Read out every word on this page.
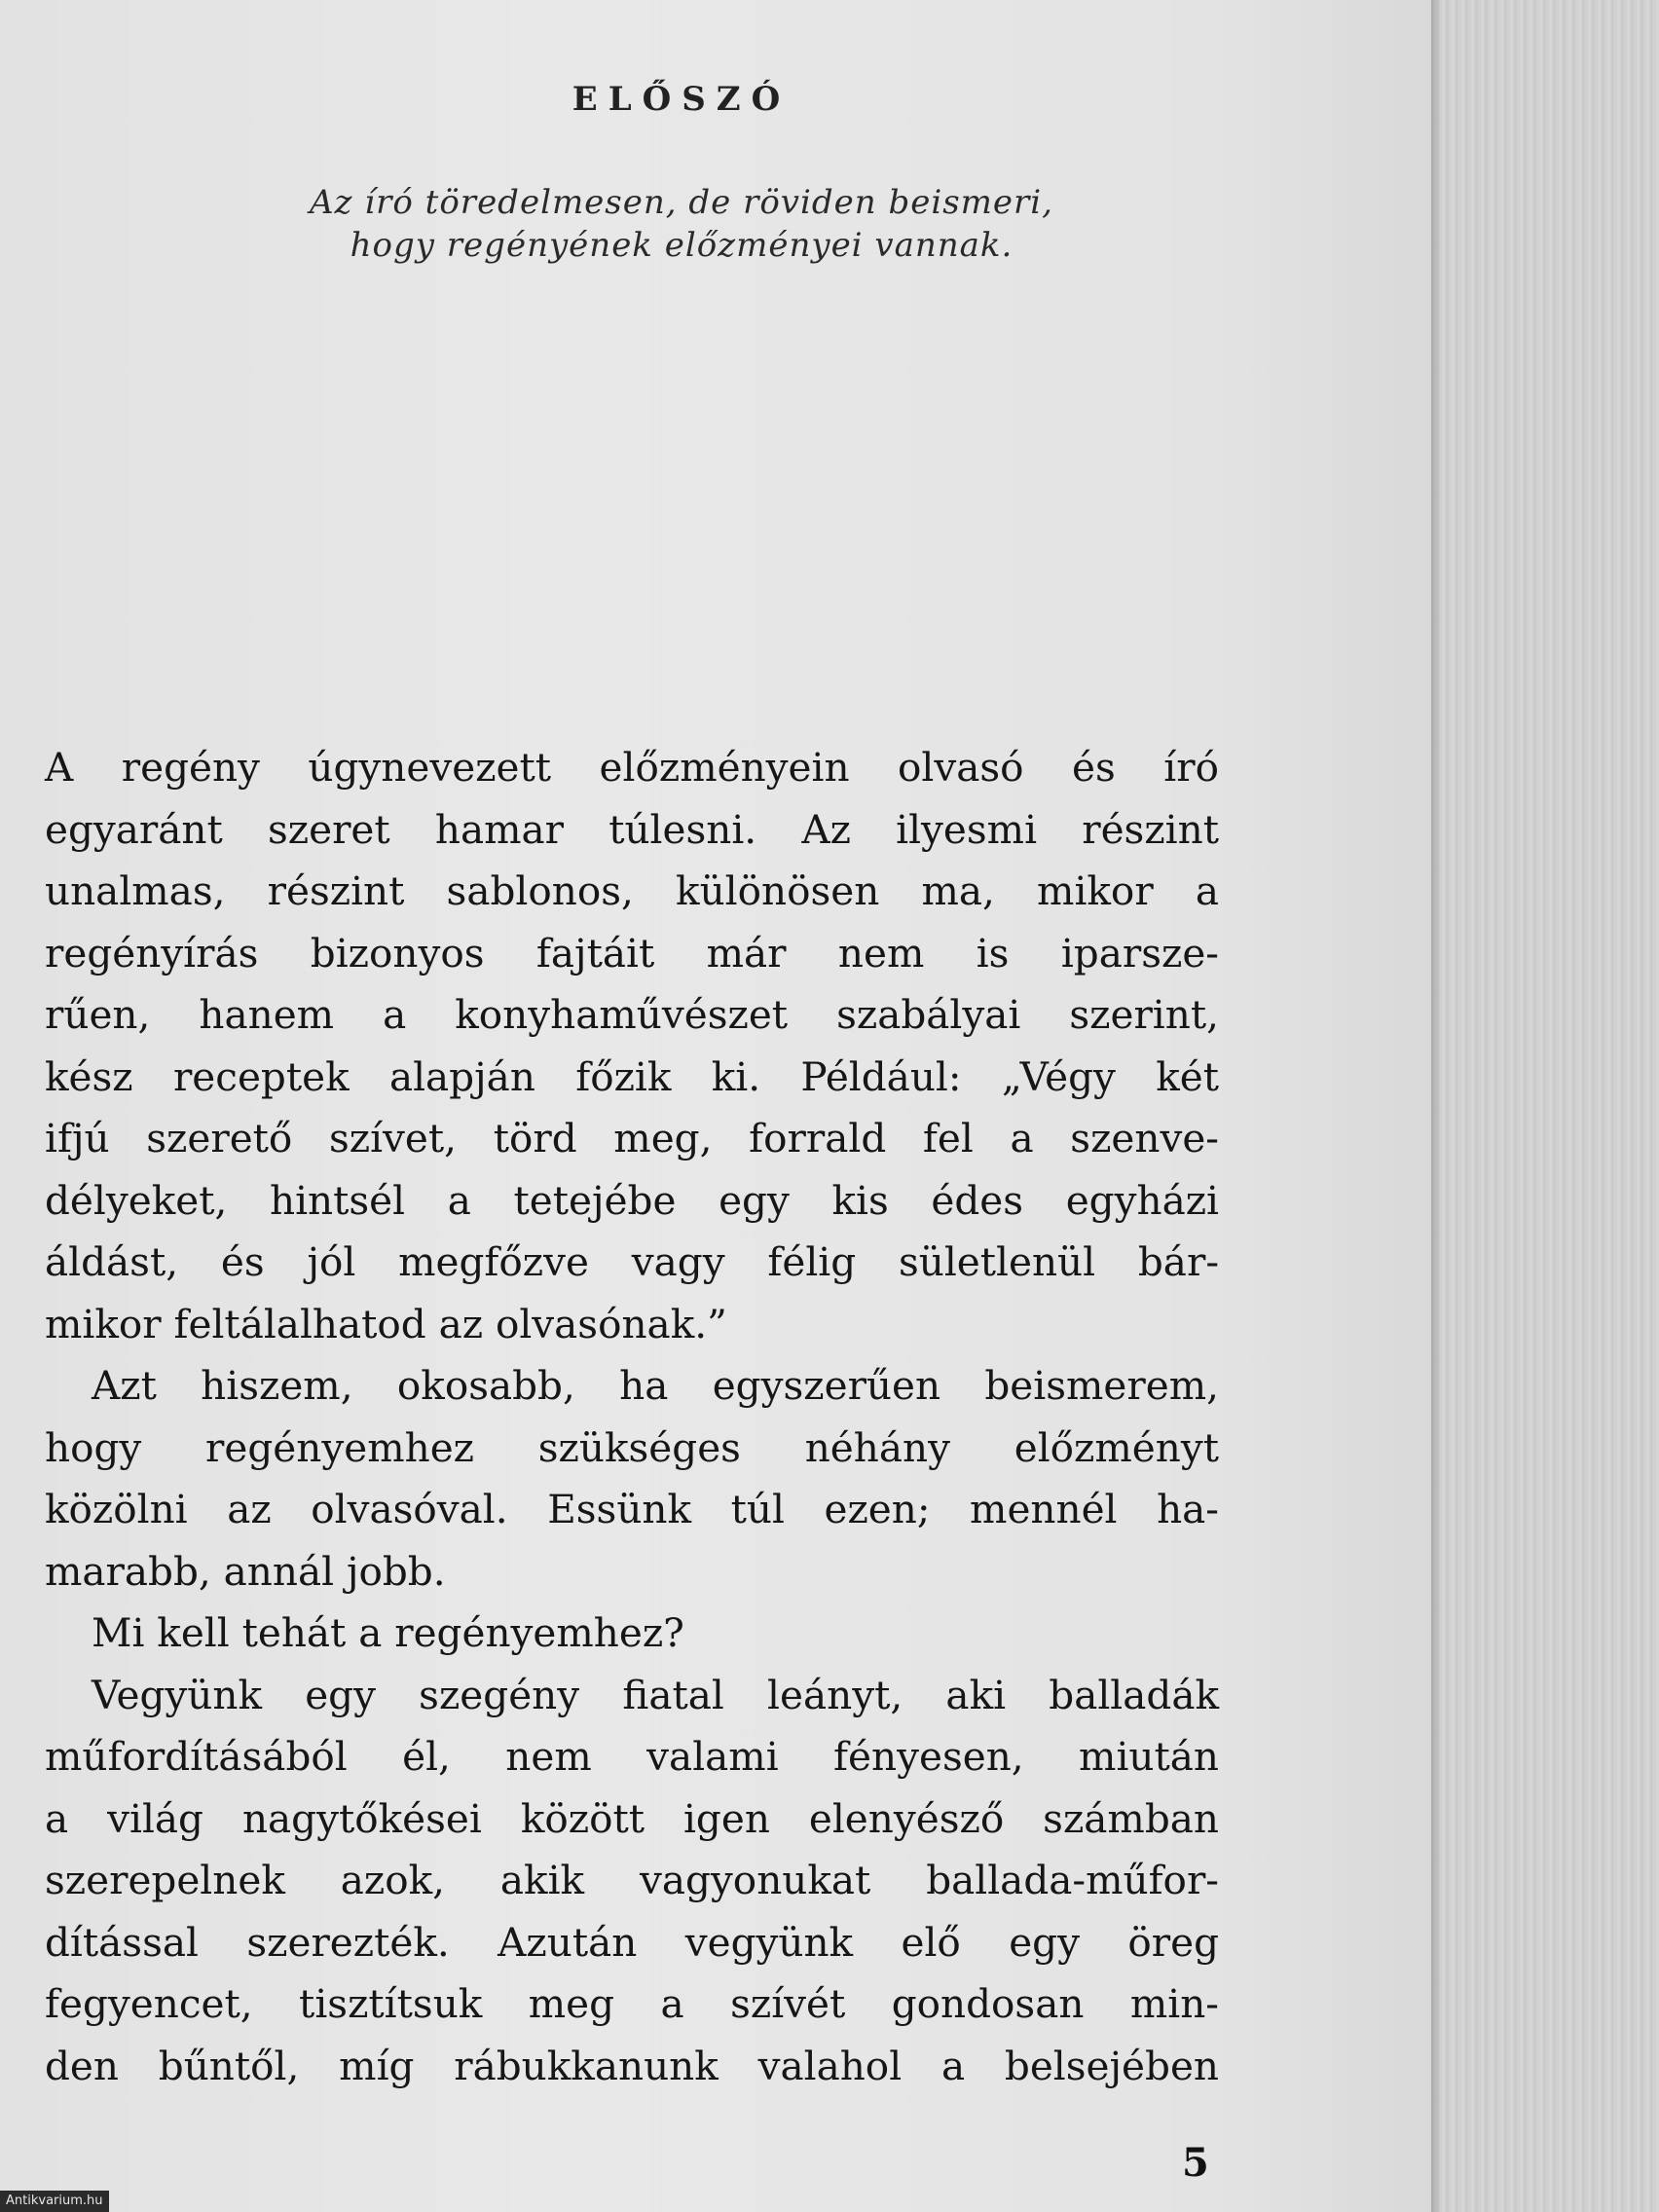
ELŐSZÓ
Az író töredelmesen, de röviden beismeri,
hogy regényének előzményei vannak.
A regény úgynevezett előzményein olvasó és író
egyaránt szeret hamar túlesni. Az ilyesmi részint
unalmas, részint sablonos, különösen ma, mikor a
regényírás bizonyos fajtáit már nem is iparsze-
rűen, hanem a konyhaművészet szabályai szerint,
kész receptek alapján főzik ki. Például: „Végy két
ifjú szerető szívet, törd meg, forrald fel a szenve-
délyeket, hintsél a tetejébe egy kis édes egyházi
áldást, és jól megfőzve vagy félig sületlenül bár-
mikor feltálalhatod az olvasónak.”
Azt hiszem, okosabb, ha egyszerűen beismerem,
hogy regényemhez szükséges néhány előzményt
közölni az olvasóval. Essünk túl ezen; mennél ha-
marabb, annál jobb.
Mi kell tehát a regényemhez?
Vegyünk egy szegény fiatal leányt, aki balladák
műfordításából él, nem valami fényesen, miután
a világ nagytőkései között igen elenyésző számban
szerepelnek azok, akik vagyonukat ballada-műfor-
dítással szerezték. Azután vegyünk elő egy öreg
fegyencet, tisztítsuk meg a szívét gondosan min-
den bűntől, míg rábukkanunk valahol a belsejében
5
Antikvarium.hu
